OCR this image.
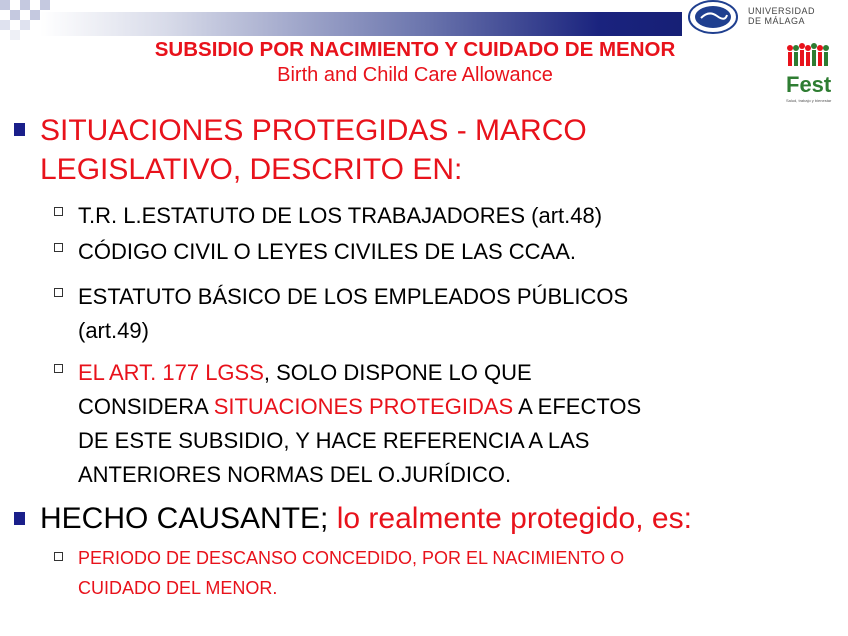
UNIVERSIDAD
DE MÁLAGA
Fest
Salud, trabajo y bienestar
SUBSIDIO POR NACIMIENTO Y CUIDADO DE MENOR
Birth and Child Care Allowance
SITUACIONES PROTEGIDAS - MARCO
LEGISLATIVO, DESCRITO EN:
T.R. L.ESTATUTO DE LOS TRABAJADORES (art.48)
CÓDIGO CIVIL O LEYES CIVILES DE LAS CCAA.
ESTATUTO BÁSICO DE LOS EMPLEADOS PÚBLICOS
(art.49)
EL ART. 177 LGSS, SOLO DISPONE LO QUE
CONSIDERA SITUACIONES PROTEGIDAS A EFECTOS
DE ESTE SUBSIDIO, Y HACE REFERENCIA A LAS
ANTERIORES NORMAS DEL O.JURÍDICO.
HECHO CAUSANTE; lo realmente protegido, es:
PERIODO DE DESCANSO CONCEDIDO, POR EL NACIMIENTO O
CUIDADO DEL MENOR.
